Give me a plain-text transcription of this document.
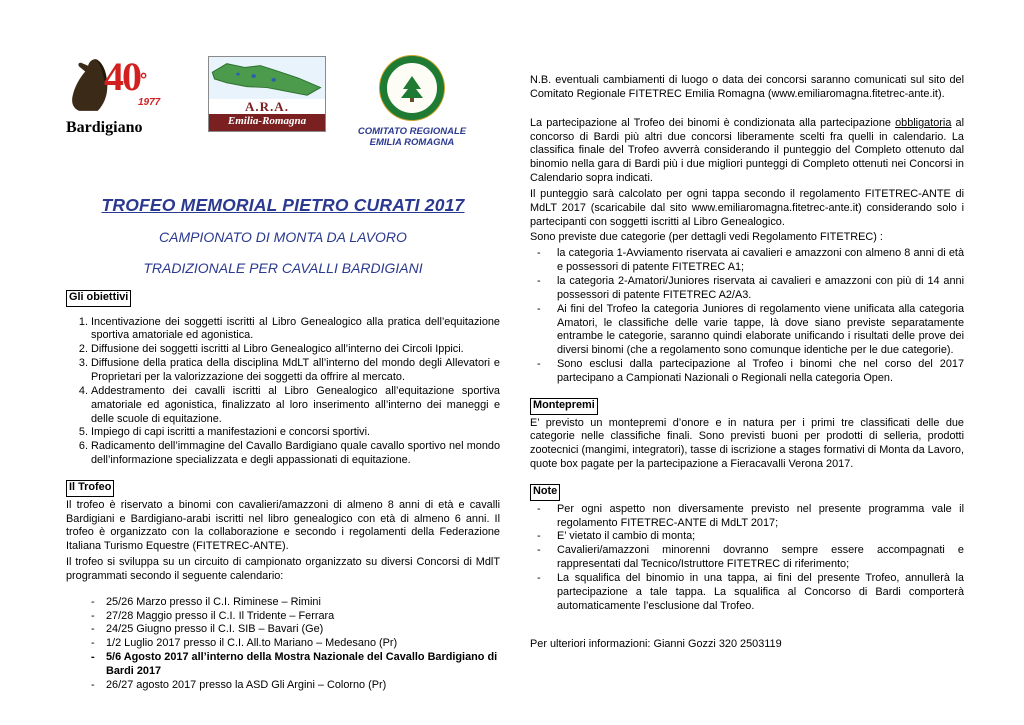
40°
1977
Bardigiano
A.R.A.
Emilia-Romagna
COMITATO REGIONALE
EMILIA ROMAGNA
TROFEO MEMORIAL PIETRO CURATI 2017
CAMPIONATO DI MONTA DA LAVORO
TRADIZIONALE PER CAVALLI BARDIGIANI
Gli obiettivi
1. Incentivazione dei soggetti iscritti al Libro Genealogico alla pratica dell’equitazione sportiva amatoriale ed agonistica.
2. Diffusione dei soggetti iscritti al Libro Genealogico all’interno dei Circoli Ippici.
3. Diffusione della pratica della disciplina MdLT all’interno del mondo degli Allevatori e Proprietari per la valorizzazione dei soggetti da offrire al mercato.
4. Addestramento dei cavalli iscritti al Libro Genealogico all’equitazione sportiva amatoriale ed agonistica, finalizzato al loro inserimento all’interno dei maneggi e delle scuole di equitazione.
5. Impiego di capi iscritti a manifestazioni e concorsi sportivi.
6. Radicamento dell’immagine del Cavallo Bardigiano quale cavallo sportivo nel mondo dell’informazione specializzata e degli appassionati di equitazione.
Il Trofeo

Il trofeo è riservato a binomi con cavalieri/amazzoni di almeno 8 anni di età e cavalli Bardigiani e Bardigiano-arabi iscritti nel libro genealogico con età di almeno 6 anni. Il trofeo è organizzato con la collaborazione e secondo i regolamenti della Federazione Italiana Turismo Equestre (FITETREC-ANTE).

Il trofeo si sviluppa su un circuito di campionato organizzato su diversi Concorsi di MdlT programmati secondo il seguente calendario:

- 25/26 Marzo presso il C.I. Riminese – Rimini
- 27/28 Maggio presso il C.I. Il Tridente – Ferrara
- 24/25 Giugno presso il C.I. SIB – Bavari (Ge)
- 1/2 Luglio 2017 presso il C.I. All.to Mariano – Medesano (Pr)
- 5/6 Agosto 2017 all’interno della Mostra Nazionale del Cavallo Bardigiano di Bardi 2017
- 26/27 agosto 2017 presso la ASD Gli Argini – Colorno (Pr)

N.B. eventuali cambiamenti di luogo o data dei concorsi saranno comunicati sul sito del Comitato Regionale FITETREC Emilia Romagna (www.emiliaromagna.fitetrec-ante.it).

La partecipazione al Trofeo dei binomi è condizionata alla partecipazione obbligatoria al concorso di Bardi più altri due concorsi liberamente scelti fra quelli in calendario. La classifica finale del Trofeo avverrà considerando il punteggio del Completo ottenuto dal binomio nella gara di Bardi più i due migliori punteggi di Completo ottenuti nei Concorsi in Calendario sopra indicati.

Il punteggio sarà calcolato per ogni tappa secondo il regolamento FITETREC-ANTE di MdLT 2017 (scaricabile dal sito www.emiliaromagna.fitetrec-ante.it) considerando solo i partecipanti con soggetti iscritti al Libro Genealogico.

Sono previste due categorie (per dettagli vedi Regolamento FITETREC) :

- la categoria 1-Avviamento riservata ai cavalieri e amazzoni con almeno 8 anni di età e possessori di patente FITETREC A1;
- la categoria 2-Amatori/Juniores riservata ai cavalieri e amazzoni con più di 14 anni possessori di patente FITETREC A2/A3.
- Ai fini del Trofeo la categoria Juniores di regolamento viene unificata alla categoria Amatori, le classifiche delle varie tappe, là dove siano previste separatamente entrambe le categorie, saranno quindi elaborate unificando i risultati delle prove dei diversi binomi (che a regolamento sono comunque identiche per le due categorie).
- Sono esclusi dalla partecipazione al Trofeo i binomi che nel corso del 2017 partecipano a Campionati Nazionali o Regionali nella categoria Open.
Montepremi

E’ previsto un montepremi d’onore e in natura per i primi tre classificati delle due categorie nelle classifiche finali. Sono previsti buoni per prodotti di selleria, prodotti zootecnici (mangimi, integratori), tasse di iscrizione a stages formativi di Monta da Lavoro, quote box pagate per la partecipazione a Fieracavalli Verona 2017.

Note
- Per ogni aspetto non diversamente previsto nel presente programma vale il regolamento FITETREC-ANTE di MdLT 2017;
- E’ vietato il cambio di monta;
- Cavalieri/amazzoni minorenni dovranno sempre essere accompagnati e rappresentati dal Tecnico/Istruttore FITETREC di riferimento;
- La squalifica del binomio in una tappa, ai fini del presente Trofeo, annullerà la partecipazione a tale tappa. La squalifica al Concorso di Bardi comporterà automaticamente l’esclusione dal Trofeo.

Per ulteriori informazioni: Gianni Gozzi 320 2503119
